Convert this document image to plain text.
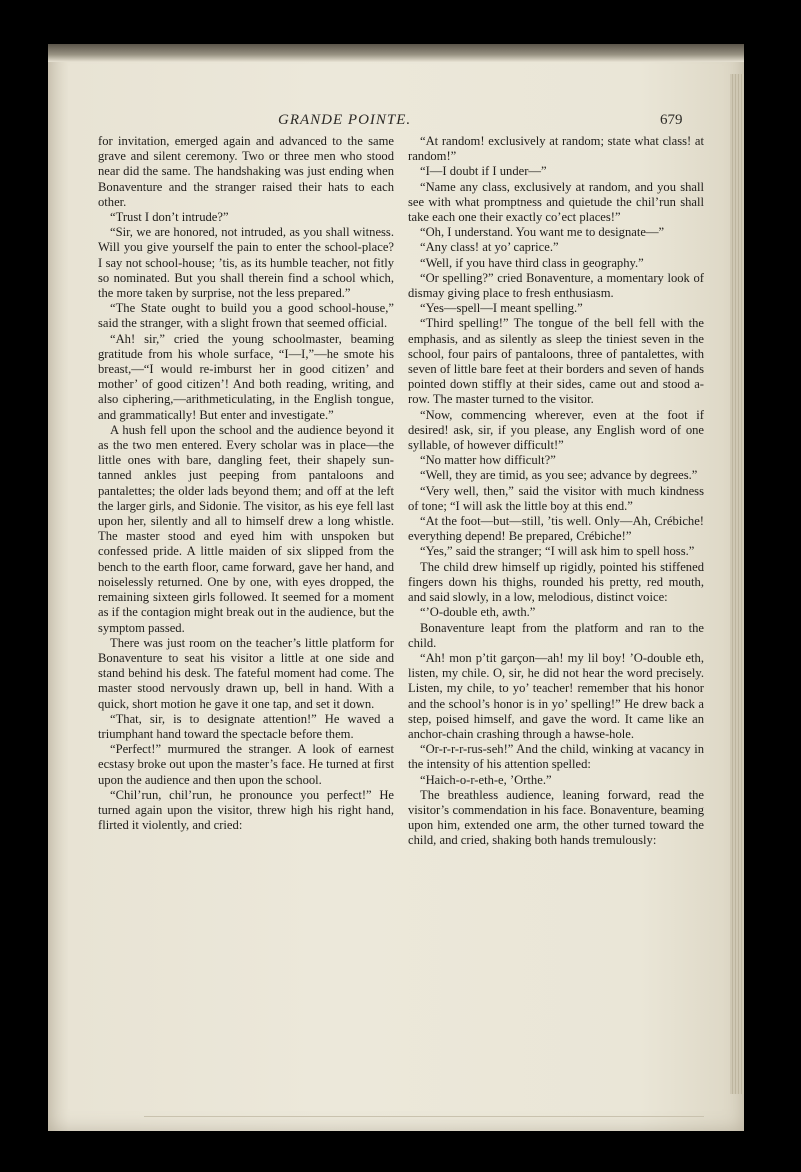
GRANDE POINTE.	679

for invitation, emerged again and advanced to the same grave and silent ceremony. Two or three men who stood near did the same. The handshaking was just ending when Bonaventure and the stranger raised their hats to each other.

“Trust I don’t intrude?”

“Sir, we are honored, not intruded, as you shall witness. Will you give yourself the pain to enter the school-place? I say not school-house; ’tis, as its humble teacher, not fitly so nominated. But you shall therein find a school which, the more taken by surprise, not the less prepared.”

“The State ought to build you a good school-house,” said the stranger, with a slight frown that seemed official.

“Ah! sir,” cried the young schoolmaster, beaming gratitude from his whole surface, “I—I,”—he smote his breast,—“I would re-imburst her in good citizen’ and mother’ of good citizen’! And both reading, writing, and also ciphering,—arithmeticulating, in the English tongue, and grammatically! But enter and investigate.”

A hush fell upon the school and the audience beyond it as the two men entered. Every scholar was in place—the little ones with bare, dangling feet, their shapely sun-tanned ankles just peeping from pantaloons and pantalettes; the older lads beyond them; and off at the left the larger girls, and Sidonie. The visitor, as his eye fell last upon her, silently and all to himself drew a long whistle. The master stood and eyed him with unspoken but confessed pride. A little maiden of six slipped from the bench to the earth floor, came forward, gave her hand, and noiselessly returned. One by one, with eyes dropped, the remaining sixteen girls followed. It seemed for a moment as if the contagion might break out in the audience, but the symptom passed.

There was just room on the teacher’s little platform for Bonaventure to seat his visitor a little at one side and stand behind his desk. The fateful moment had come. The master stood nervously drawn up, bell in hand. With a quick, short motion he gave it one tap, and set it down.

“That, sir, is to designate attention!” He waved a triumphant hand toward the spectacle before them.

“Perfect!” murmured the stranger. A look of earnest ecstasy broke out upon the master’s face. He turned at first upon the audience and then upon the school.

“Chil’run, chil’run, he pronounce you perfect!” He turned again upon the visitor, threw high his right hand, flirted it violently, and cried:

“At random! exclusively at random; state what class! at random!”

“I—I doubt if I under—”

“Name any class, exclusively at random, and you shall see with what promptness and quietude the chil’run shall take each one their exactly co’ect places!”

“Oh, I understand. You want me to designate—”

“Any class! at yo’ caprice.”

“Well, if you have third class in geography.”

“Or spelling?” cried Bonaventure, a momentary look of dismay giving place to fresh enthusiasm.

“Yes—spell—I meant spelling.”

“Third spelling!” The tongue of the bell fell with the emphasis, and as silently as sleep the tiniest seven in the school, four pairs of pantaloons, three of pantalettes, with seven of little bare feet at their borders and seven of hands pointed down stiffly at their sides, came out and stood a-row. The master turned to the visitor.

“Now, commencing wherever, even at the foot if desired! ask, sir, if you please, any English word of one syllable, of however difficult!”

“No matter how difficult?”

“Well, they are timid, as you see; advance by degrees.”

“Very well, then,” said the visitor with much kindness of tone; “I will ask the little boy at this end.”

“At the foot—but—still, ’tis well. Only—Ah, Crébiche! everything depend! Be prepared, Crébiche!”

“Yes,” said the stranger; “I will ask him to spell hoss.”

The child drew himself up rigidly, pointed his stiffened fingers down his thighs, rounded his pretty, red mouth, and said slowly, in a low, melodious, distinct voice:

“’O-double eth, awth.”

Bonaventure leapt from the platform and ran to the child.

“Ah! mon p’tit garçon—ah! my lil boy! ’O-double eth, listen, my chile. O, sir, he did not hear the word precisely. Listen, my chile, to yo’ teacher! remember that his honor and the school’s honor is in yo’ spelling!” He drew back a step, poised himself, and gave the word. It came like an anchor-chain crashing through a hawse-hole.

“Or-r-r-r-rus-seh!” And the child, winking at vacancy in the intensity of his attention spelled:

“Haich-o-r-eth-e, ’Orthe.”

The breathless audience, leaning forward, read the visitor’s commendation in his face. Bonaventure, beaming upon him, extended one arm, the other turned toward the child, and cried, shaking both hands tremulously:
